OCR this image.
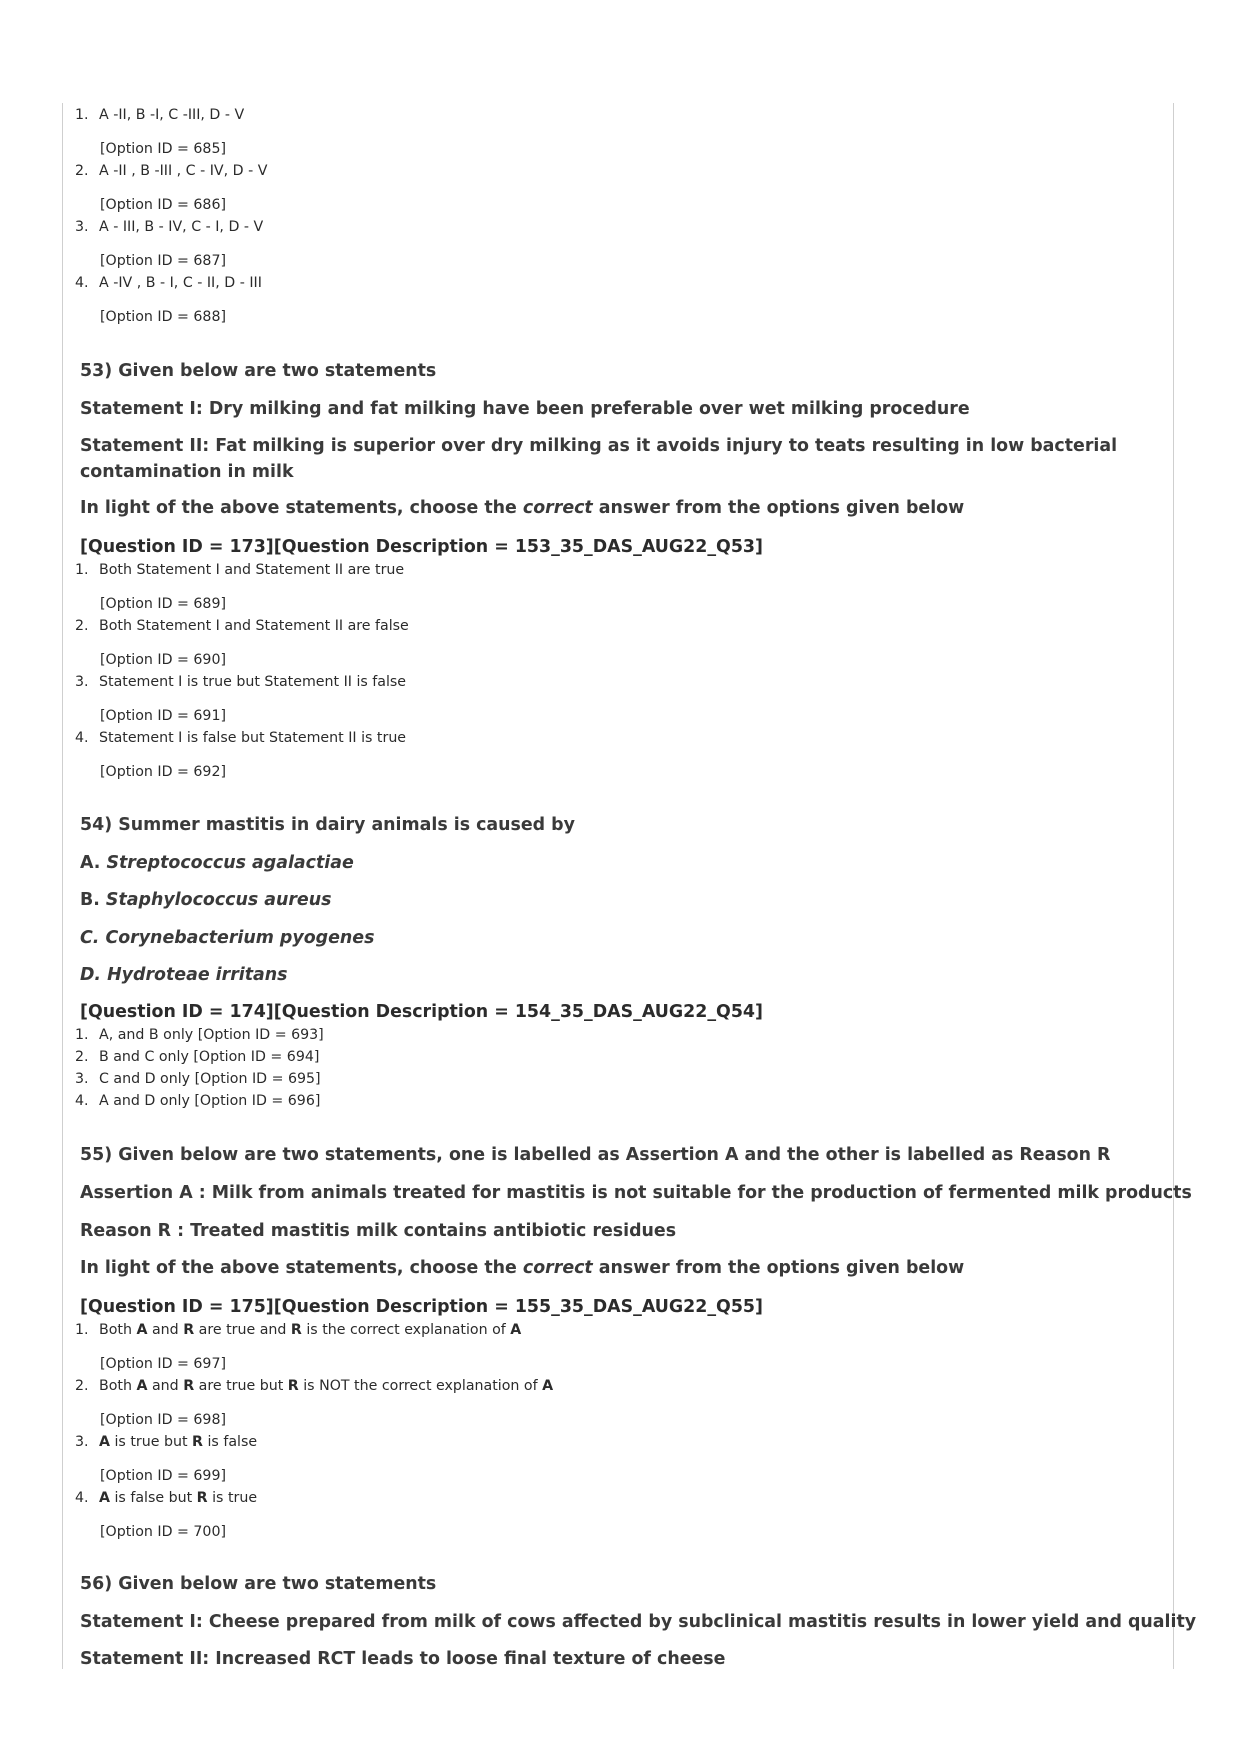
1. A -II, B -I, C -III, D - V
[Option ID = 685]
2. A -II , B -III , C - IV, D - V
[Option ID = 686]
3. A - III, B - IV, C - I, D - V
[Option ID = 687]
4. A -IV , B - I, C - II, D - III
[Option ID = 688]
53) Given below are two statements
Statement I: Dry milking and fat milking have been preferable over wet milking procedure
Statement II: Fat milking is superior over dry milking as it avoids injury to teats resulting in low bacterial contamination in milk
In light of the above statements, choose the correct answer from the options given below
[Question ID = 173][Question Description = 153_35_DAS_AUG22_Q53]
1. Both Statement I and Statement II are true
[Option ID = 689]
2. Both Statement I and Statement II are false
[Option ID = 690]
3. Statement I is true but Statement II is false
[Option ID = 691]
4. Statement I is false but Statement II is true
[Option ID = 692]
54) Summer mastitis in dairy animals is caused by
A. Streptococcus agalactiae
B. Staphylococcus aureus
C. Corynebacterium pyogenes
D. Hydroteae irritans
[Question ID = 174][Question Description = 154_35_DAS_AUG22_Q54]
1. A, and B only [Option ID = 693]
2. B and C only [Option ID = 694]
3. C and D only [Option ID = 695]
4. A and D only [Option ID = 696]
55) Given below are two statements, one is labelled as Assertion A and the other is labelled as Reason R
Assertion A : Milk from animals treated for mastitis is not suitable for the production of fermented milk products
Reason R : Treated mastitis milk contains antibiotic residues
In light of the above statements, choose the correct answer from the options given below
[Question ID = 175][Question Description = 155_35_DAS_AUG22_Q55]
1. Both A and R are true and R is the correct explanation of A
[Option ID = 697]
2. Both A and R are true but R is NOT the correct explanation of A
[Option ID = 698]
3. A is true but R is false
[Option ID = 699]
4. A is false but R is true
[Option ID = 700]
56) Given below are two statements
Statement I: Cheese prepared from milk of cows affected by subclinical mastitis results in lower yield and quality
Statement II: Increased RCT leads to loose final texture of cheese
